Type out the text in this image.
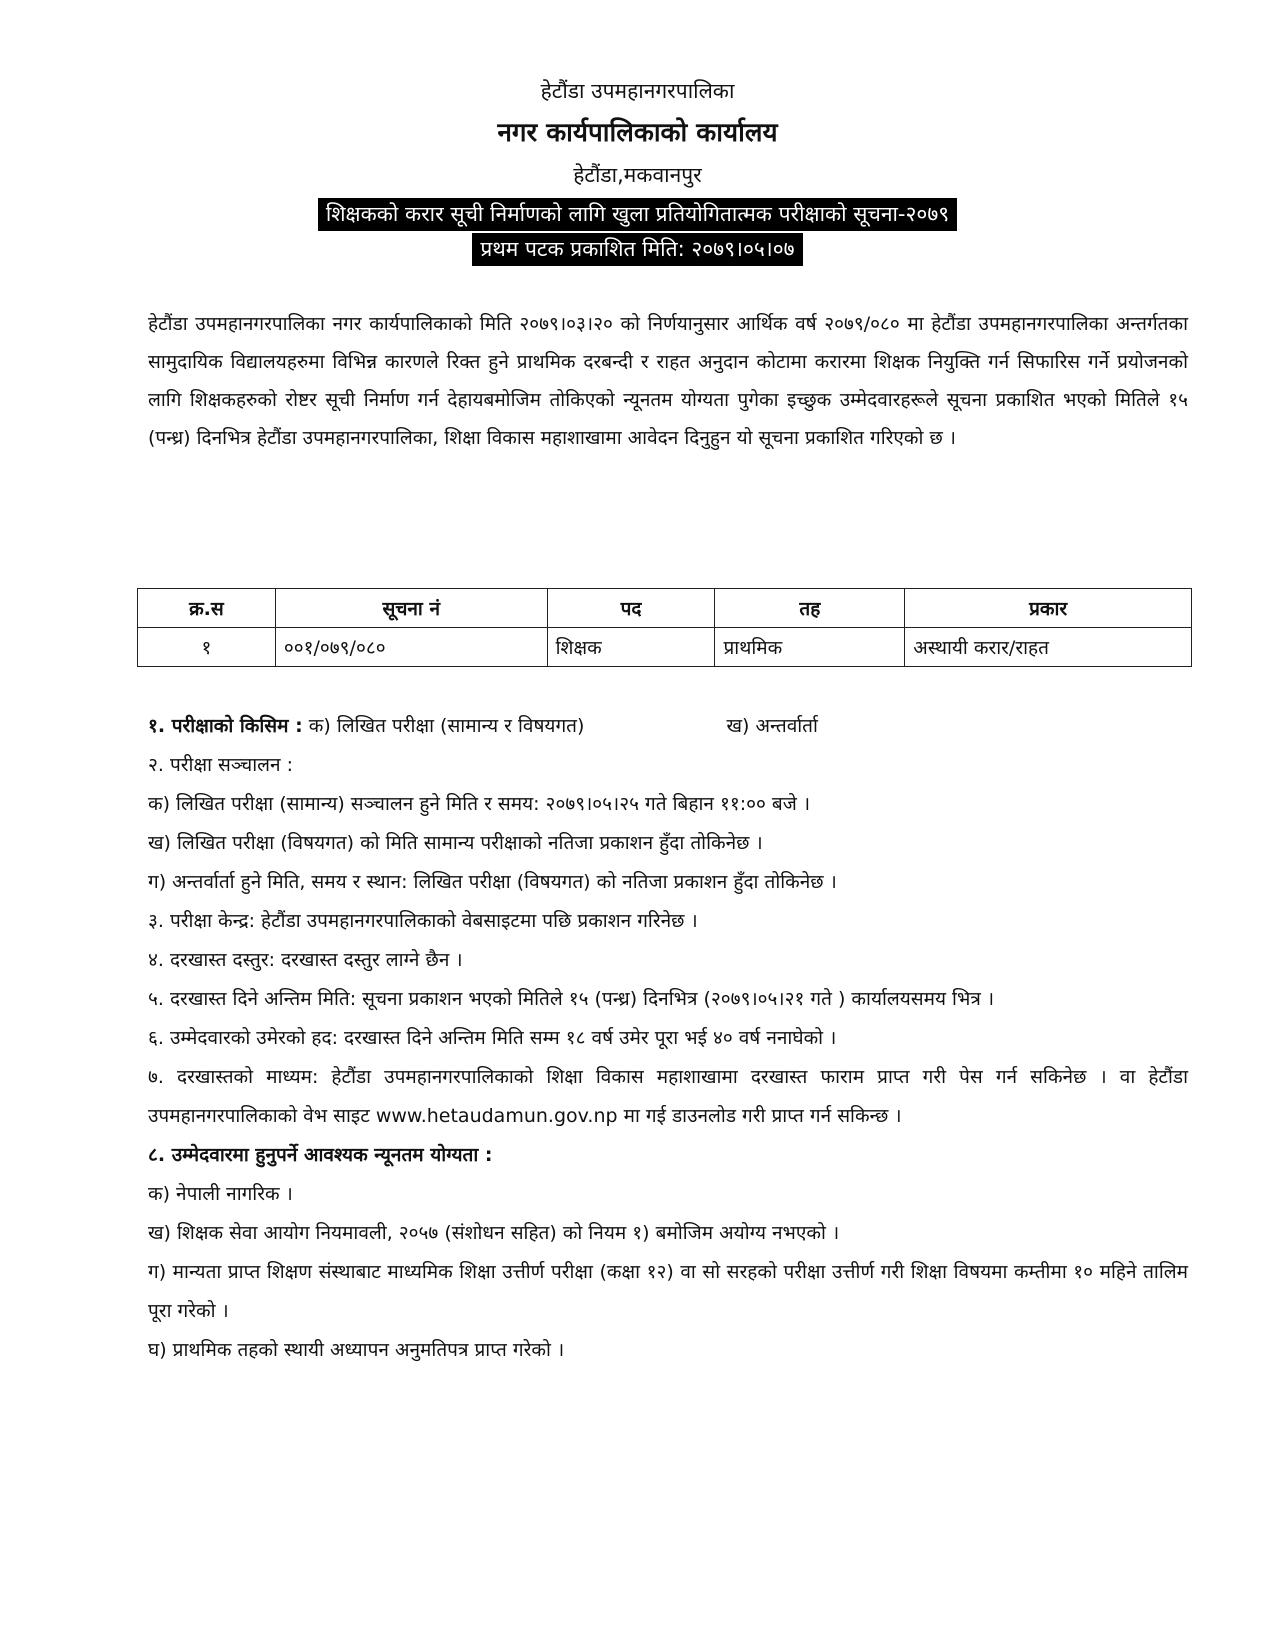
हेटौंडा उपमहानगरपालिका
नगर कार्यपालिकाको कार्यालय
हेटौंडा,मकवानपुर
शिक्षकको करार सूची निर्माणको लागि खुला प्रतियोगितात्मक परीक्षाको सूचना-२०७९
प्रथम पटक प्रकाशित मिति: २०७९।०५।०७

हेटौंडा उपमहानगरपालिका नगर कार्यपालिकाको मिति २०७९।०३।२० को निर्णयानुसार आर्थिक वर्ष २०७९/०८० मा हेटौंडा उपमहानगरपालिका अन्तर्गतका सामुदायिक विद्यालयहरुमा विभिन्न कारणले रिक्त हुने प्राथमिक दरबन्दी र राहत अनुदान कोटामा करारमा शिक्षक नियुक्ति गर्न सिफारिस गर्ने प्रयोजनको लागि शिक्षकहरुको रोष्टर सूची निर्माण गर्न देहायबमोजिम तोकिएको न्यूनतम योग्यता पुगेका इच्छुक उम्मेदवारहरूले सूचना प्रकाशित भएको मितिले १५ (पन्ध्र) दिनभित्र हेटौंडा उपमहानगरपालिका, शिक्षा विकास महाशाखामा आवेदन दिनुहुन यो सूचना प्रकाशित गरिएको छ ।

क्र.स	सूचना नं	पद	तह	प्रकार
१	००१/०७९/०८०	शिक्षक	प्राथमिक	अस्थायी करार/राहत

१. परीक्षाको किसिम : क) लिखित परीक्षा (सामान्य र विषयगत)	ख) अन्तर्वार्ता

२. परीक्षा सञ्चालन :

क) लिखित परीक्षा (सामान्य) सञ्चालन हुने मिति र समय: २०७९।०५।२५ गते बिहान ११:०० बजे ।

ख) लिखित परीक्षा (विषयगत) को मिति सामान्य परीक्षाको नतिजा प्रकाशन हुँदा तोकिनेछ ।

ग) अन्तर्वार्ता हुने मिति, समय र स्थान: लिखित परीक्षा (विषयगत) को नतिजा प्रकाशन हुँदा तोकिनेछ ।

३. परीक्षा केन्द्र: हेटौंडा उपमहानगरपालिकाको वेबसाइटमा पछि प्रकाशन गरिनेछ ।

४. दरखास्त दस्तुर: दरखास्त दस्तुर लाग्ने छैन ।

५. दरखास्त दिने अन्तिम मिति: सूचना प्रकाशन भएको मितिले १५ (पन्ध्र) दिनभित्र (२०७९।०५।२१ गते ) कार्यालयसमय भित्र ।

६. उम्मेदवारको उमेरको हद: दरखास्त दिने अन्तिम मिति सम्म १८ वर्ष उमेर पूरा भई ४० वर्ष ननाघेको ।

७. दरखास्तको माध्यम: हेटौंडा उपमहानगरपालिकाको शिक्षा विकास महाशाखामा दरखास्त फाराम प्राप्त गरी पेस गर्न सकिनेछ । वा हेटौंडा उपमहानगरपालिकाको वेभ साइट www.hetaudamun.gov.np मा गई डाउनलोड गरी प्राप्त गर्न सकिन्छ ।

८. उम्मेदवारमा हुनुपर्ने आवश्यक न्यूनतम योग्यता :

क) नेपाली नागरिक ।

ख) शिक्षक सेवा आयोग नियमावली, २०५७ (संशोधन सहित) को नियम १) बमोजिम अयोग्य नभएको ।

ग) मान्यता प्राप्त शिक्षण संस्थाबाट माध्यमिक शिक्षा उत्तीर्ण परीक्षा (कक्षा १२) वा सो सरहको परीक्षा उत्तीर्ण गरी शिक्षा विषयमा कम्तीमा १० महिने तालिम पूरा गरेको ।

घ) प्राथमिक तहको स्थायी अध्यापन अनुमतिपत्र प्राप्त गरेको ।
